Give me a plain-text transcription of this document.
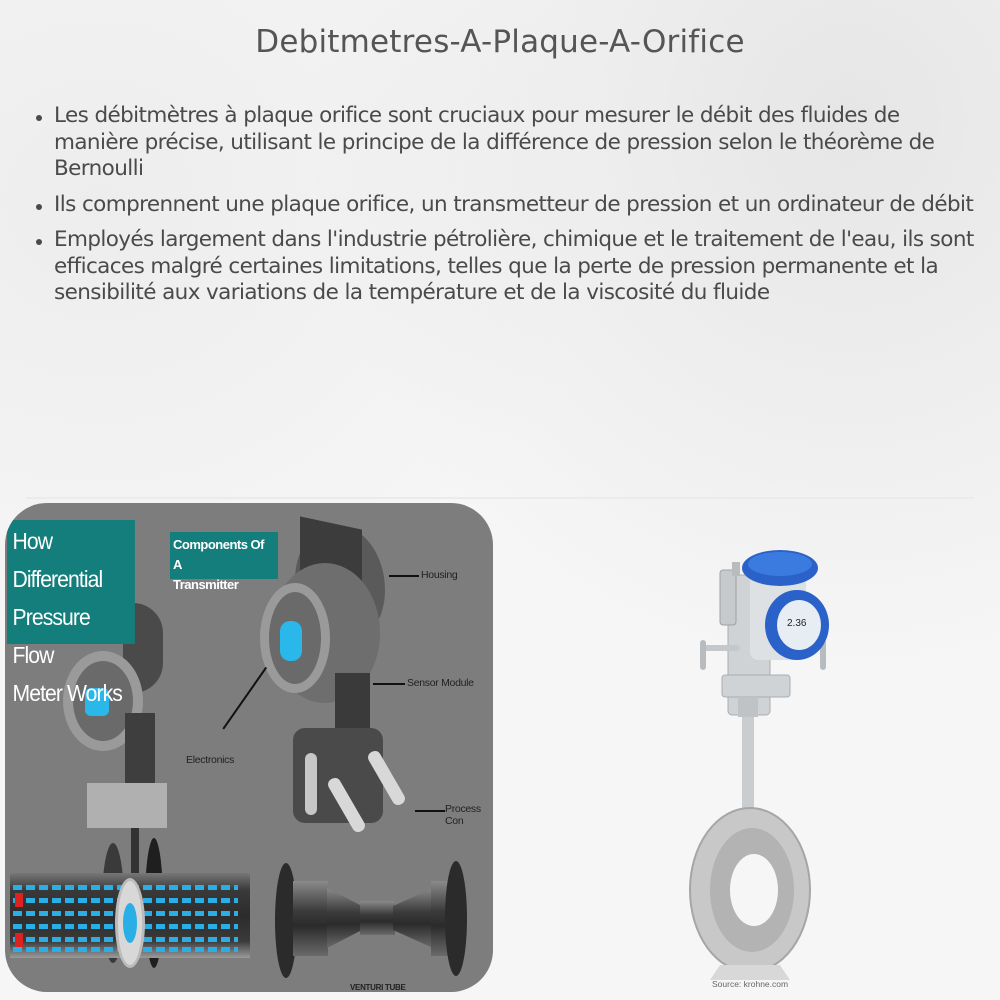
Debitmetres-A-Plaque-A-Orifice
Les débitmètres à plaque orifice sont cruciaux pour mesurer le débit des fluides de manière précise, utilisant le principe de la différence de pression selon le théorème de Bernoulli
Ils comprennent une plaque orifice, un transmetteur de pression et un ordinateur de débit
Employés largement dans l'industrie pétrolière, chimique et le traitement de l'eau, ils sont efficaces malgré certaines limitations, telles que la perte de pression permanente et la sensibilité aux variations de la température et de la viscosité du fluide
How Differential
Pressure Flow
Meter Works
Components Of A
Transmitter
Housing
Sensor Module
Electronics
Process Con
VENTURI TUBE
2.36
Source: krohne.com
